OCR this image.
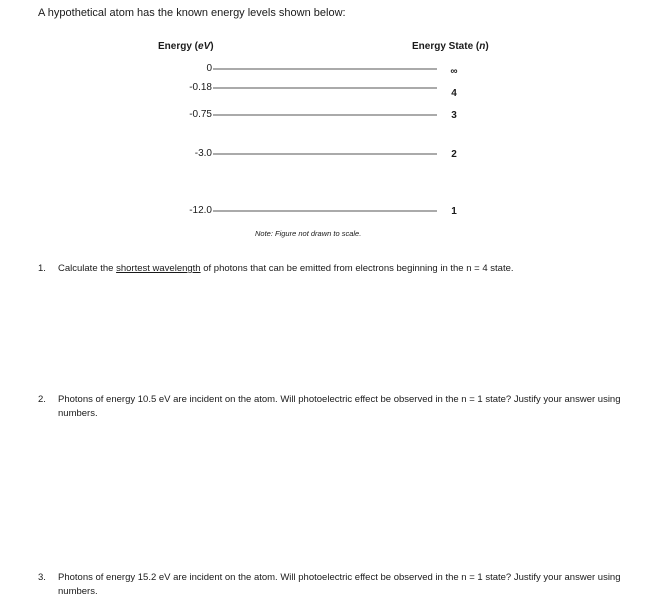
A hypothetical atom has the known energy levels shown below:
Energy (eV)	Energy State (n)
0
-0.18
-0.75
-3.0
-12.0
∞
4
3
2
1
Note: Figure not drawn to scale.
1. Calculate the shortest wavelength of photons that can be emitted from electrons beginning in the n = 4 state.
2. Photons of energy 10.5 eV are incident on the atom. Will photoelectric effect be observed in the n = 1 state? Justify your answer using numbers.
3. Photons of energy 15.2 eV are incident on the atom. Will photoelectric effect be observed in the n = 1 state? Justify your answer using numbers.
